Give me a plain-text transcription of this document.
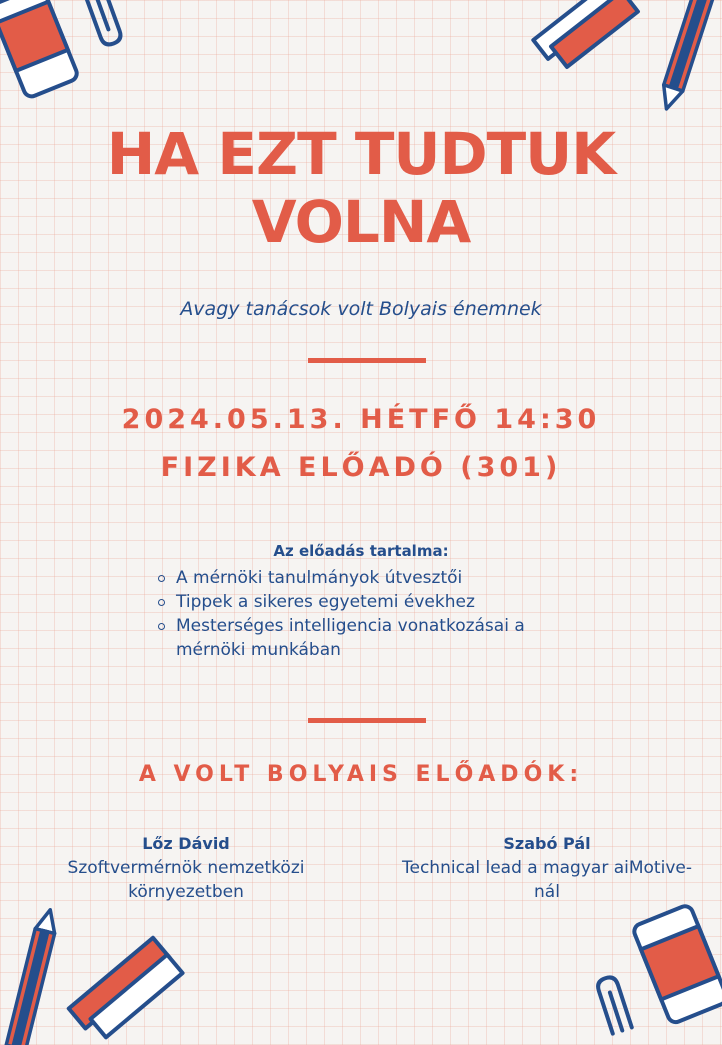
HA EZT TUDTUK
VOLNA
Avagy tanácsok volt Bolyais énemnek
2024.05.13. HÉTFŐ 14:30
FIZIKA ELŐADÓ (301)
Az előadás tartalma:
A mérnöki tanulmányok útvesztői
Tippek a sikeres egyetemi évekhez
Mesterséges intelligencia vonatkozásai a mérnöki munkában
A VOLT BOLYAIS ELŐADÓK:
Lőz Dávid
Szoftvermérnök nemzetközi környezetben
Szabó Pál
Technical lead a magyar aiMotive-nál
